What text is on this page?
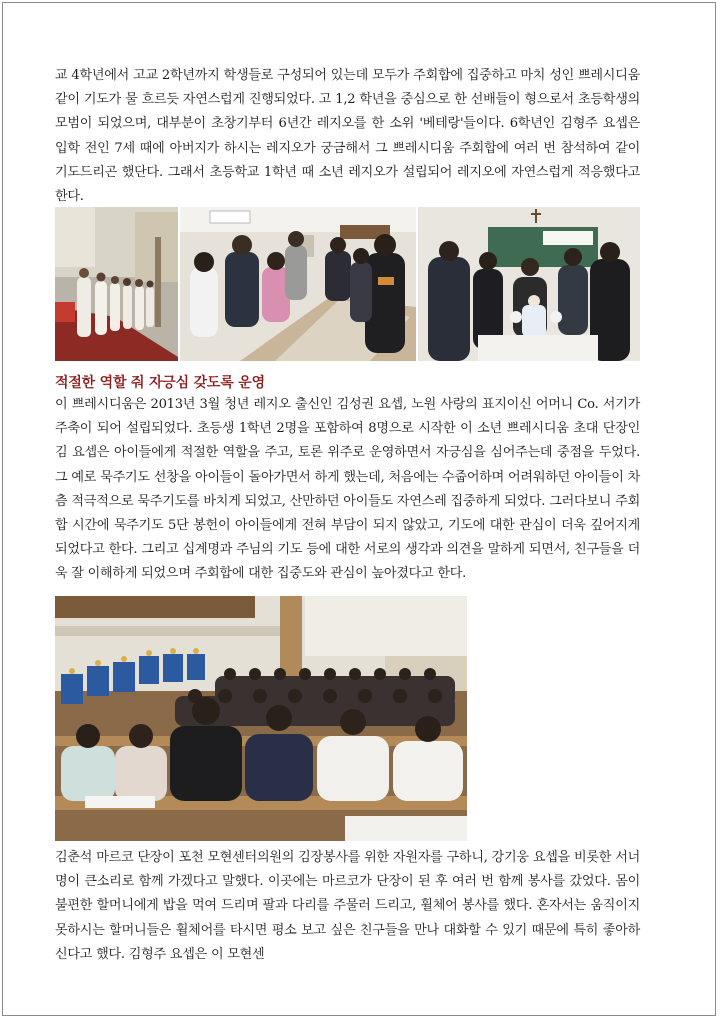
교 4학년에서 고교 2학년까지 학생들로 구성되어 있는데 모두가 주회합에 집중하고 마치 성인 쁘레시디움 같이 기도가 물 흐르듯 자연스럽게 진행되었다. 고 1,2 학년을 중심으로 한 선배들이 형으로서 초등학생의 모범이 되었으며, 대부분이 초창기부터 6년간 레지오를 한 소위 '베테랑'들이다. 6학년인 김형주 요셉은 입학 전인 7세 때에 아버지가 하시는 레지오가 궁금해서 그 쁘레시디움 주회합에 여러 번 참석하여 같이 기도드리곤 했단다. 그래서 초등학교 1학년 때 소년 레지오가 설립되어 레지오에 자연스럽게 적응했다고 한다.

적절한 역할 줘 자긍심 갖도록 운영

이 쁘레시디움은 2013년 3월 청년 레지오 출신인 김성권 요셉, 노원 사랑의 표지이신 어머니 Co. 서기가 주축이 되어 설립되었다. 초등생 1학년 2명을 포함하여 8명으로 시작한 이 소년 쁘레시디움 초대 단장인 김 요셉은 아이들에게 적절한 역할을 주고, 토론 위주로 운영하면서 자긍심을 심어주는데 중점을 두었다. 그 예로 묵주기도 선창을 아이들이 돌아가면서 하게 했는데, 처음에는 수줍어하며 어려워하던 아이들이 차츰 적극적으로 묵주기도를 바치게 되었고, 산만하던 아이들도 자연스레 집중하게 되었다. 그러다보니 주회합 시간에 묵주기도 5단 봉헌이 아이들에게 전혀 부담이 되지 않았고, 기도에 대한 관심이 더욱 깊어지게 되었다고 한다. 그리고 십계명과 주님의 기도 등에 대한 서로의 생각과 의견을 말하게 되면서, 친구들을 더욱 잘 이해하게 되었으며 주회합에 대한 집중도와 관심이 높아졌다고 한다.

김춘석 마르코 단장이 포천 모현센터의원의 김장봉사를 위한 자원자를 구하니, 강기웅 요셉을 비롯한 서너 명이 큰소리로 함께 가겠다고 말했다. 이곳에는 마르코가 단장이 된 후 여러 번 함께 봉사를 갔었다. 몸이 불편한 할머니에게 밥을 먹여 드리며 팔과 다리를 주물러 드리고, 휠체어 봉사를 했다. 혼자서는 움직이지 못하시는 할머니들은 휠체어를 타시면 평소 보고 싶은 친구들을 만나 대화할 수 있기 때문에 특히 좋아하신다고 했다. 김형주 요셉은 이 모현센
